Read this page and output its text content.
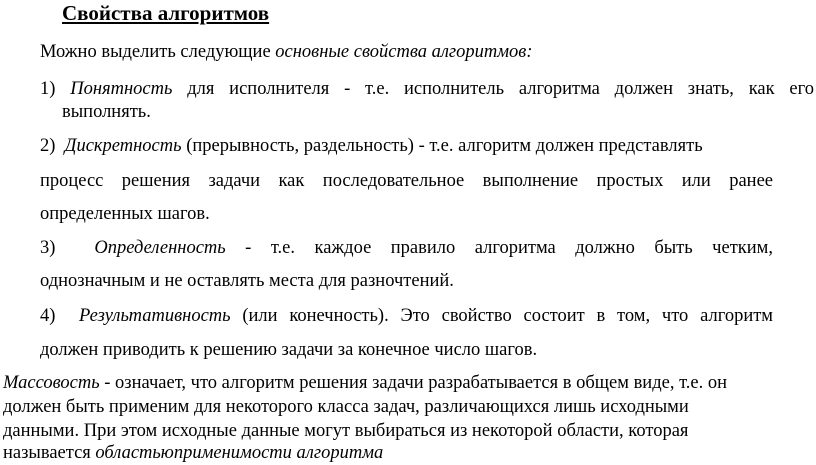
Свойства алгоритмов
Можно выделить следующие основные свойства алгоритмов:
1) Понятность для исполнителя - т.е. исполнитель алгоритма должен знать, как его
выполнять.
2) Дискретность (прерывность, раздельность) - т.е. алгоритм должен представлять
процесс решения задачи как последовательное выполнение простых или ранее
определенных шагов.
3) Определенность - т.е. каждое правило алгоритма должно быть четким,
однозначным и не оставлять места для разночтений.
4) Результативность (или конечность). Это свойство состоит в том, что алгоритм
должен приводить к решению задачи за конечное число шагов.
Массовость - означает, что алгоритм решения задачи разрабатывается в общем виде, т.е. он
должен быть применим для некоторого класса задач, различающихся лишь исходными
данными. При этом исходные данные могут выбираться из некоторой области, которая
называется областьюприменимости алгоритма
